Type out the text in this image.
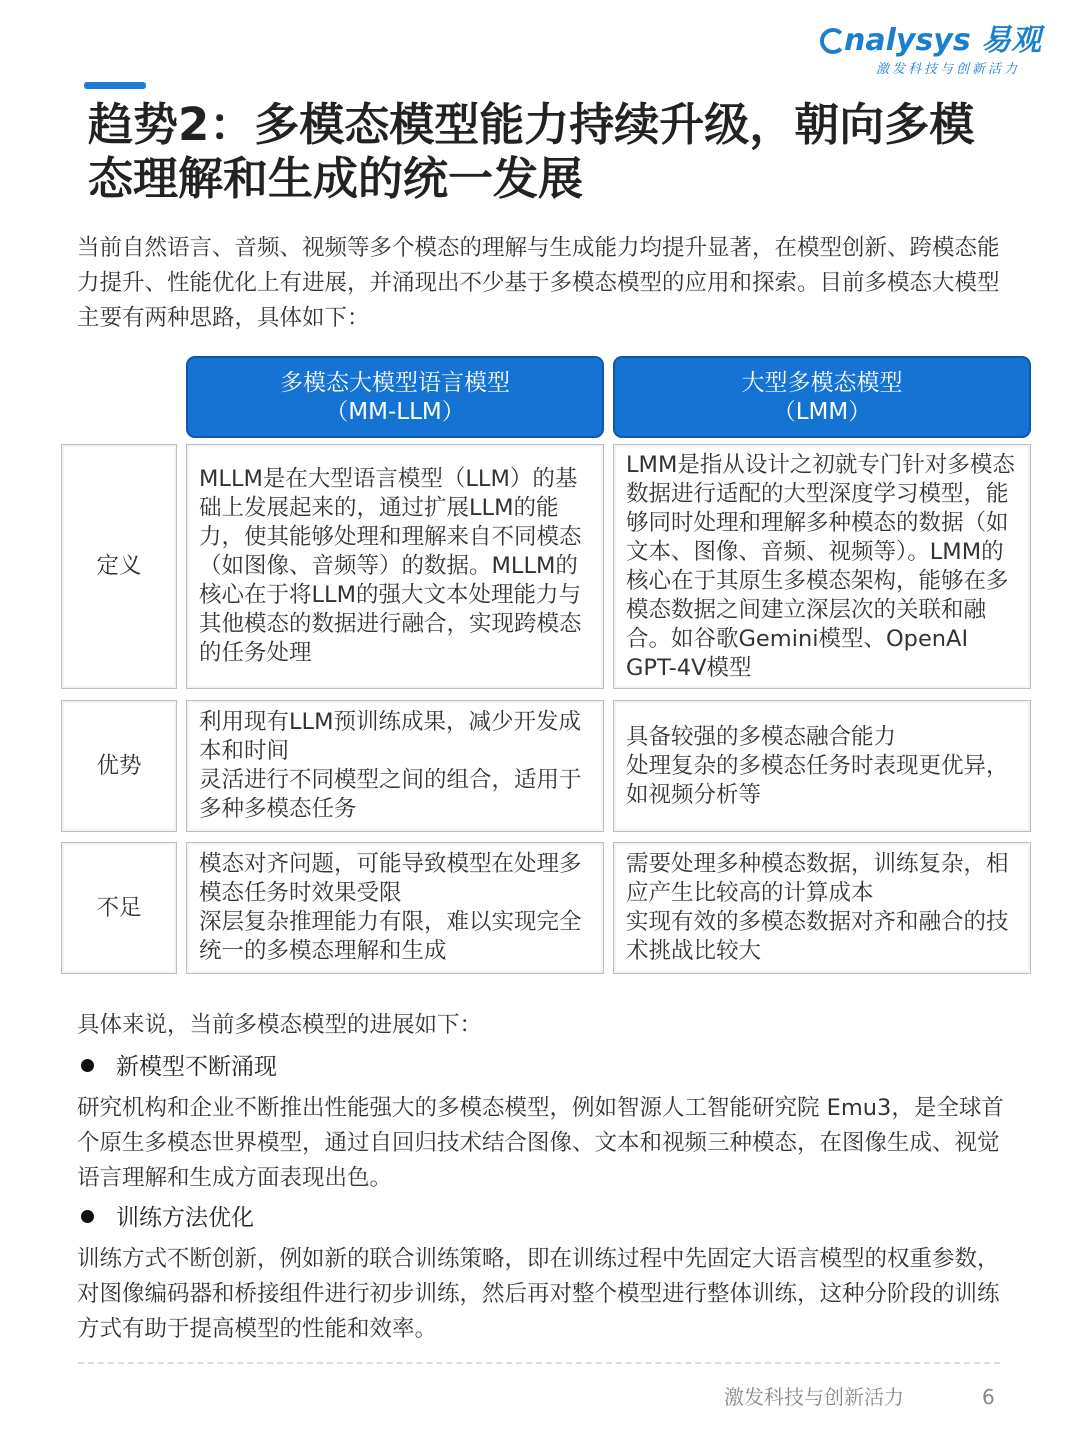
nalysys 易观
激发科技与创新活力
趋势2：多模态模型能力持续升级，朝向多模态理解和生成的统一发展

当前自然语言、音频、视频等多个模态的理解与生成能力均提升显著，在模型创新、跨模态能力提升、性能优化上有进展，并涌现出不少基于多模态模型的应用和探索。目前多模态大模型主要有两种思路，具体如下：

多模态大模型语言模型
（MM-LLM）
大型多模态模型
（LMM）
定义
MLLM是在大型语言模型（LLM）的基础上发展起来的，通过扩展LLM的能力，使其能够处理和理解来自不同模态（如图像、音频等）的数据。MLLM的核心在于将LLM的强大文本处理能力与其他模态的数据进行融合，实现跨模态的任务处理
LMM是指从设计之初就专门针对多模态数据进行适配的大型深度学习模型，能够同时处理和理解多种模态的数据（如文本、图像、音频、视频等）。LMM的核心在于其原生多模态架构，能够在多模态数据之间建立深层次的关联和融合。如谷歌Gemini模型、OpenAI GPT-4V模型
优势
利用现有LLM预训练成果，减少开发成本和时间
灵活进行不同模型之间的组合，适用于多种多模态任务
具备较强的多模态融合能力
处理复杂的多模态任务时表现更优异，如视频分析等
不足
模态对齐问题，可能导致模型在处理多模态任务时效果受限
深层复杂推理能力有限，难以实现完全统一的多模态理解和生成
需要处理多种模态数据，训练复杂，相应产生比较高的计算成本
实现有效的多模态数据对齐和融合的技术挑战比较大

具体来说，当前多模态模型的进展如下：

新模型不断涌现

研究机构和企业不断推出性能强大的多模态模型，例如智源人工智能研究院 Emu3，是全球首个原生多模态世界模型，通过自回归技术结合图像、文本和视频三种模态，在图像生成、视觉语言理解和生成方面表现出色。

训练方法优化

训练方式不断创新，例如新的联合训练策略，即在训练过程中先固定大语言模型的权重参数，对图像编码器和桥接组件进行初步训练，然后再对整个模型进行整体训练，这种分阶段的训练方式有助于提高模型的性能和效率。

激发科技与创新活力	6
